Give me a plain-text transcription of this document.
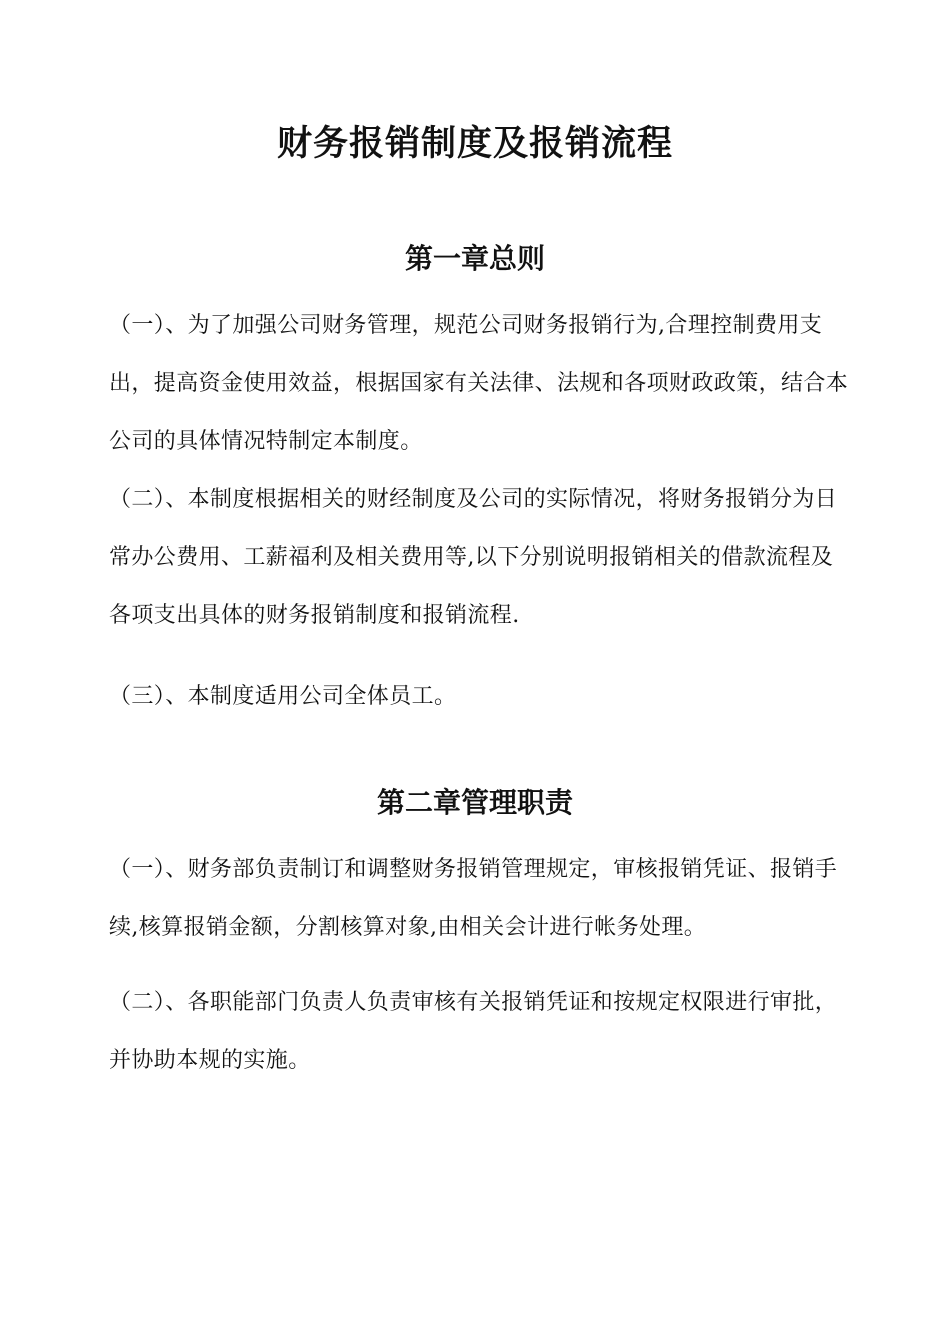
财务报销制度及报销流程
第一章总则

（一）、为了加强公司财务管理，规范公司财务报销行为,合理控制费用支出，提高资金使用效益，根据国家有关法律、法规和各项财政政策，结合本公司的具体情况特制定本制度。

（二）、本制度根据相关的财经制度及公司的实际情况，将财务报销分为日常办公费用、工薪福利及相关费用等,以下分别说明报销相关的借款流程及各项支出具体的财务报销制度和报销流程.

（三）、本制度适用公司全体员工。

第二章管理职责

（一）、财务部负责制订和调整财务报销管理规定，审核报销凭证、报销手续,核算报销金额，分割核算对象,由相关会计进行帐务处理。

（二）、各职能部门负责人负责审核有关报销凭证和按规定权限进行审批，并协助本规的实施。
